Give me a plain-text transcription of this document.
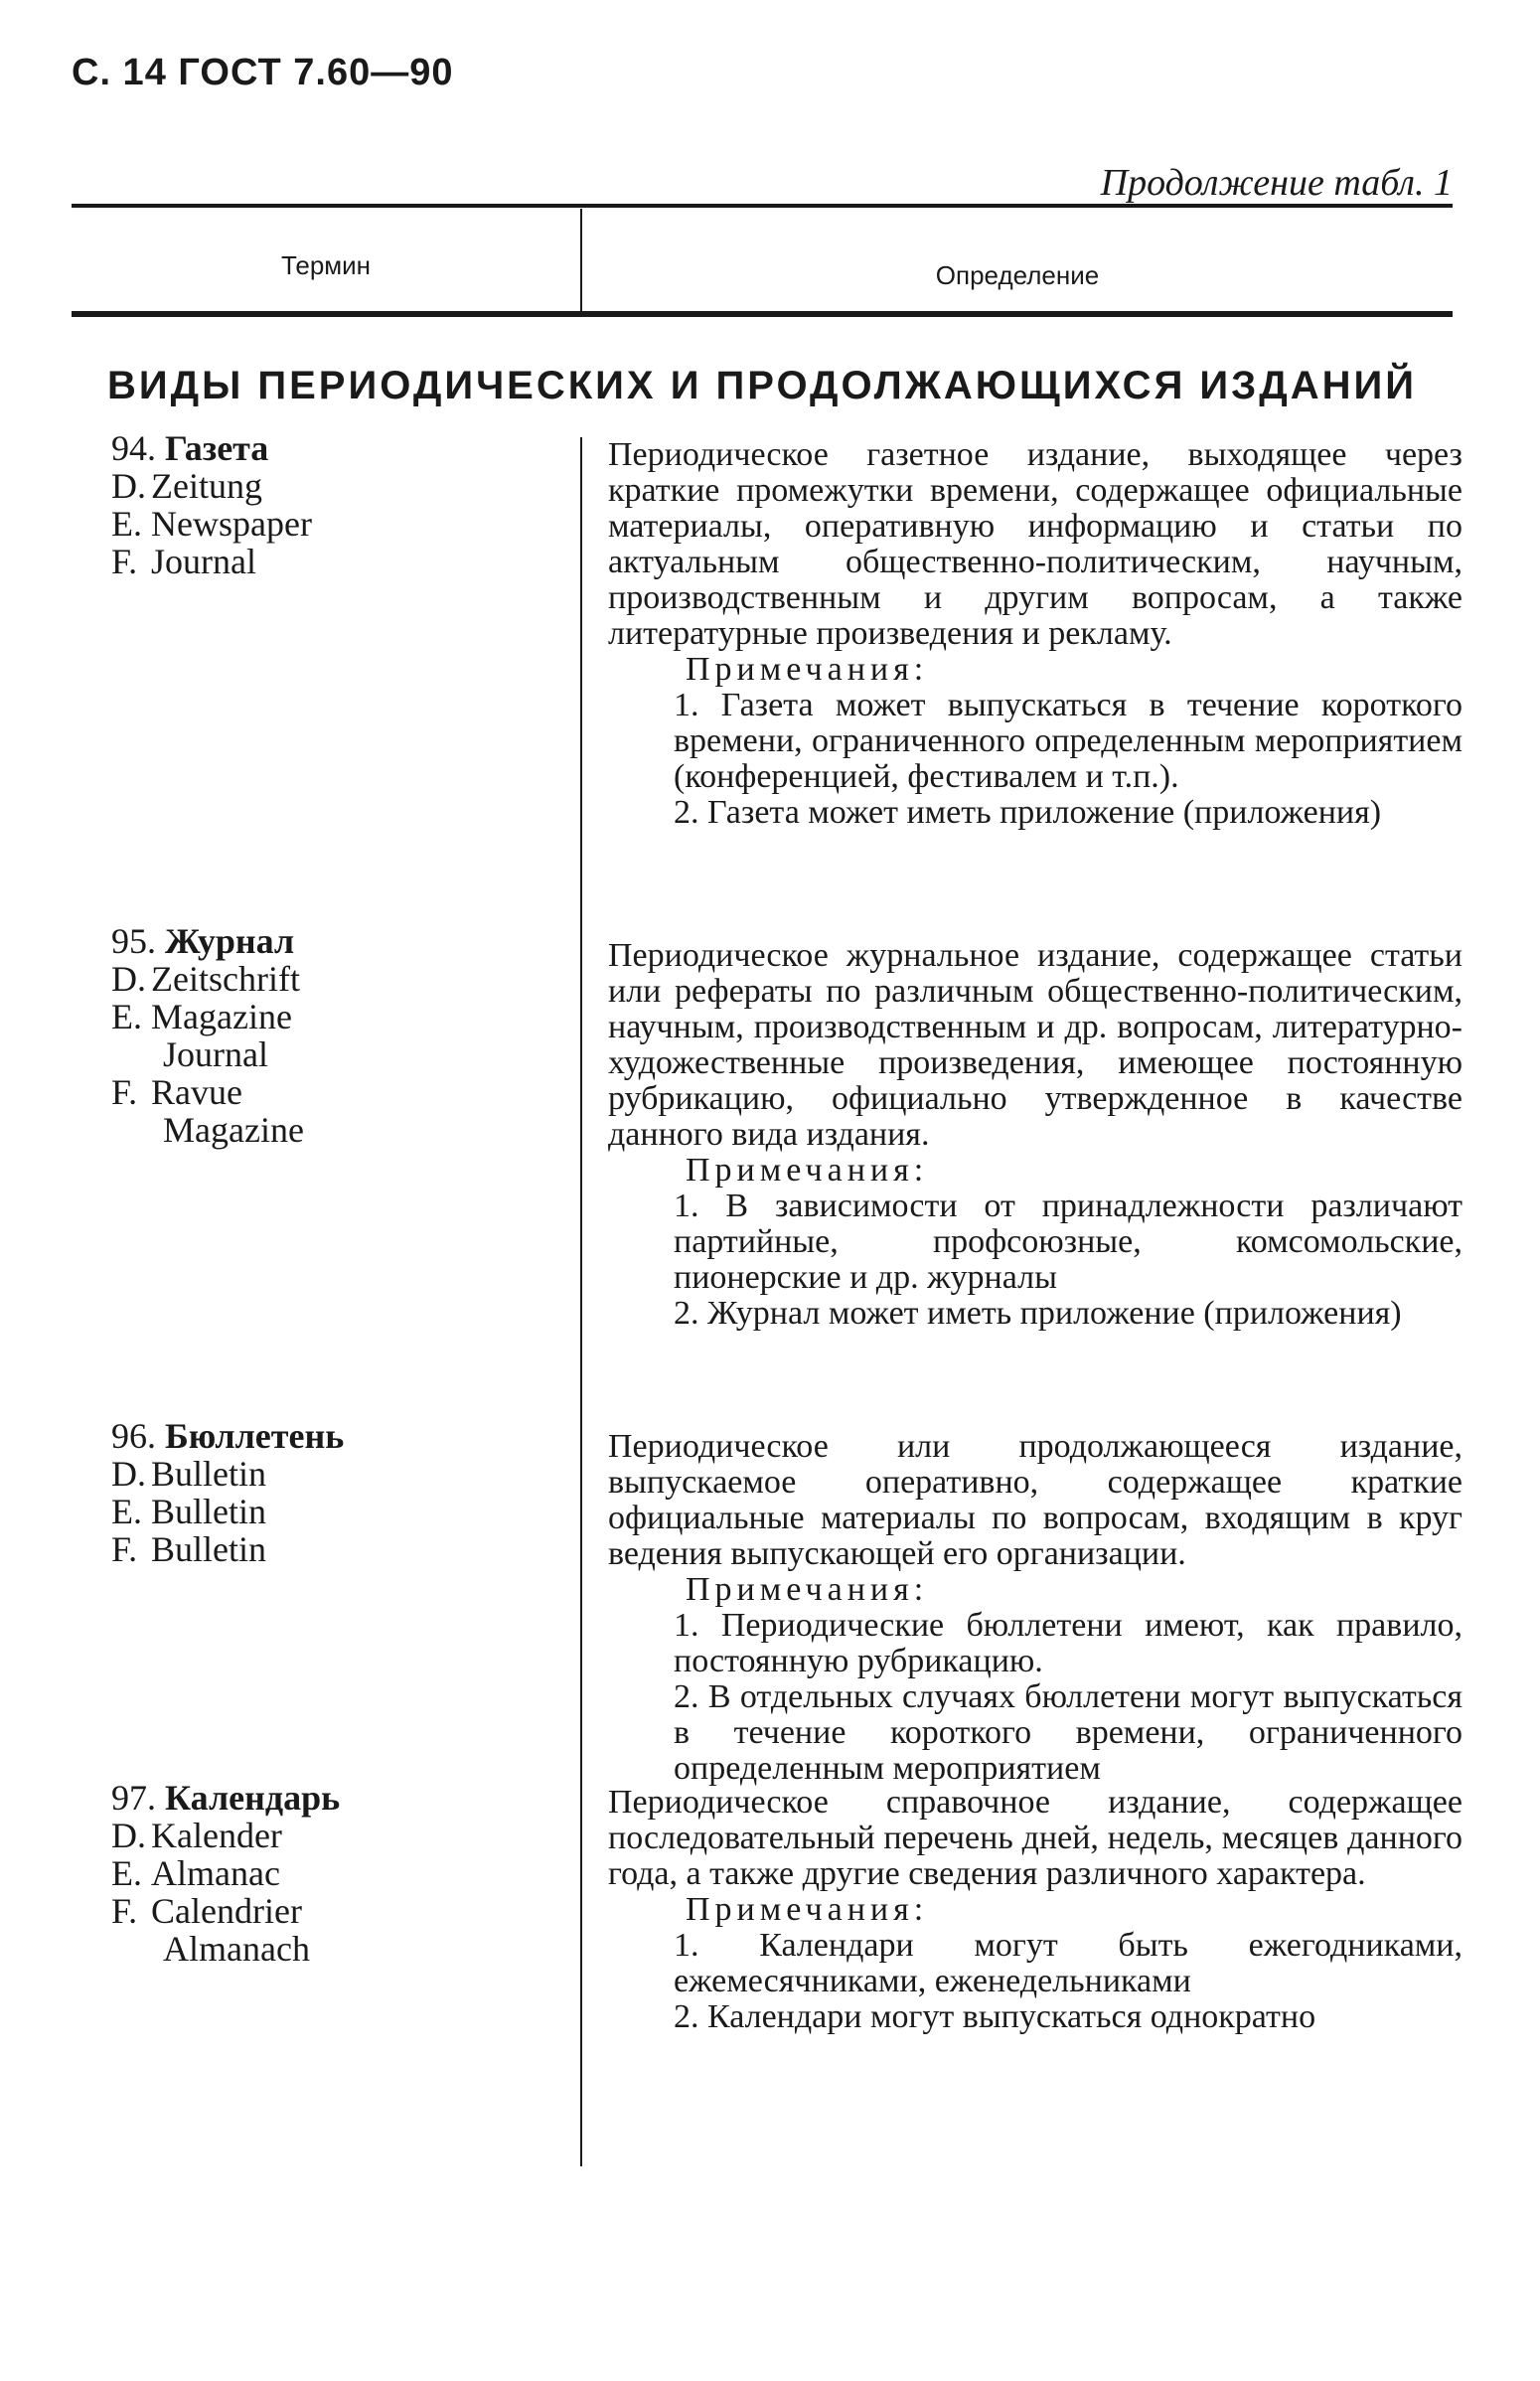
С. 14 ГОСТ 7.60—90
Продолжение табл. 1
Термин	Определение
ВИДЫ ПЕРИОДИЧЕСКИХ И ПРОДОЛЖАЮЩИХСЯ ИЗДАНИЙ
94. Газета
D. Zeitung
E. Newspaper
F. Journal

Периодическое газетное издание, выходящее через краткие промежутки времени, содержащее официальные материалы, оперативную информацию и статьи по актуальным общественно-политическим, научным, производственным и другим вопросам, а также литературные произведения и рекламу.

Примечания:

1. Газета может выпускаться в течение короткого времени, ограниченного определенным мероприятием (конференцией, фестивалем и т.п.).

2. Газета может иметь приложение (приложения)

95. Журнал
D. Zeitschrift
E. Magazine
Journal
F. Ravue
Magazine

Периодическое журнальное издание, содержащее статьи или рефераты по различным общественно-политическим, научным, производственным и др. вопросам, литературно-художественные произведения, имеющее постоянную рубрикацию, официально утвержденное в качестве данного вида издания.

Примечания:

1. В зависимости от принадлежности различают партийные, профсоюзные, комсомольские, пионерские и др. журналы

2. Журнал может иметь приложение (приложения)

96. Бюллетень
D. Bulletin
E. Bulletin
F. Bulletin

Периодическое или продолжающееся издание, выпускаемое оперативно, содержащее краткие официальные материалы по вопросам, входящим в круг ведения выпускающей его организации.

Примечания:

1. Периодические бюллетени имеют, как правило, постоянную рубрикацию.

2. В отдельных случаях бюллетени могут выпускаться в течение короткого времени, ограниченного определенным мероприятием

97. Календарь
D. Kalender
E. Almanac
F. Calendrier
Almanach

Периодическое справочное издание, содержащее последовательный перечень дней, недель, месяцев данного года, а также другие сведения различного характера.

Примечания:

1. Календари могут быть ежегодниками, ежемесячниками, еженедельниками

2. Календари могут выпускаться однократно
